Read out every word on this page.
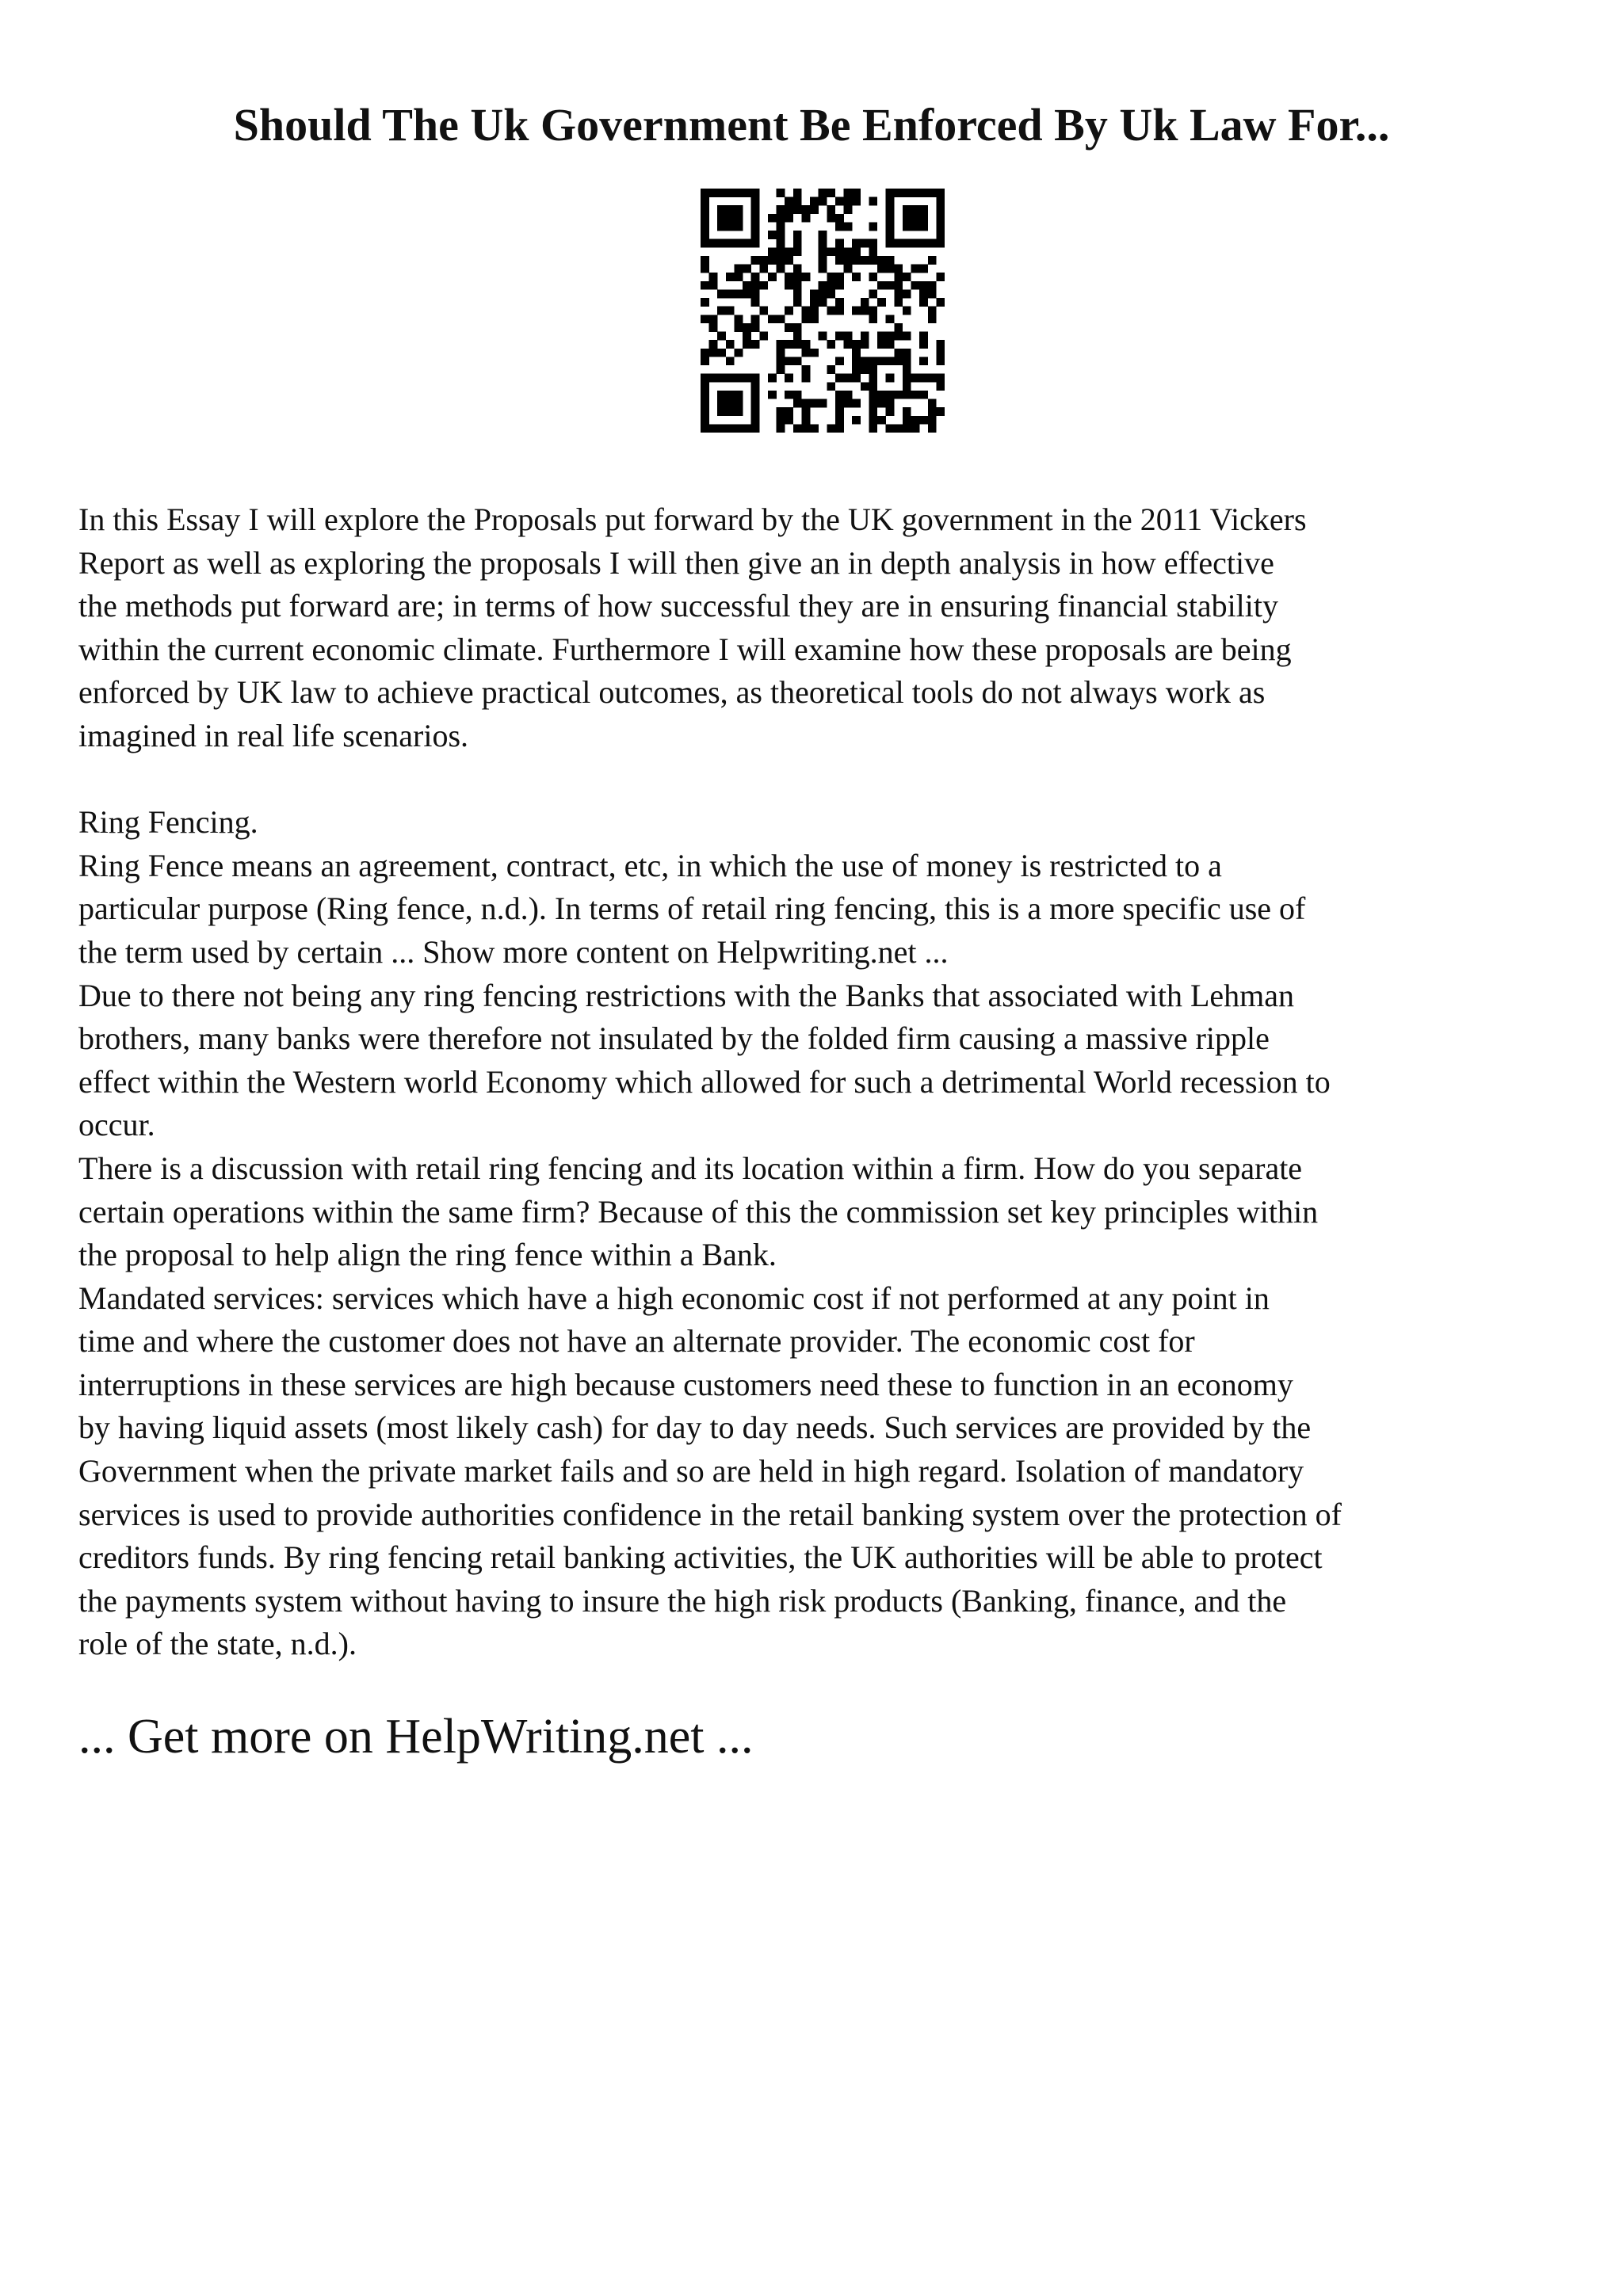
Should The Uk Government Be Enforced By Uk Law For...

In this Essay I will explore the Proposals put forward by the UK government in the 2011 Vickers
Report as well as exploring the proposals I will then give an in depth analysis in how effective
the methods put forward are; in terms of how successful they are in ensuring financial stability
within the current economic climate. Furthermore I will examine how these proposals are being
enforced by UK law to achieve practical outcomes, as theoretical tools do not always work as
imagined in real life scenarios.

Ring Fencing.
Ring Fence means an agreement, contract, etc, in which the use of money is restricted to a
particular purpose (Ring fence, n.d.). In terms of retail ring fencing, this is a more specific use of
the term used by certain ... Show more content on Helpwriting.net ...
Due to there not being any ring fencing restrictions with the Banks that associated with Lehman
brothers, many banks were therefore not insulated by the folded firm causing a massive ripple
effect within the Western world Economy which allowed for such a detrimental World recession to
occur.
There is a discussion with retail ring fencing and its location within a firm. How do you separate
certain operations within the same firm? Because of this the commission set key principles within
the proposal to help align the ring fence within a Bank.
Mandated services: services which have a high economic cost if not performed at any point in
time and where the customer does not have an alternate provider. The economic cost for
interruptions in these services are high because customers need these to function in an economy
by having liquid assets (most likely cash) for day to day needs. Such services are provided by the
Government when the private market fails and so are held in high regard. Isolation of mandatory
services is used to provide authorities confidence in the retail banking system over the protection of
creditors funds. By ring fencing retail banking activities, the UK authorities will be able to protect
the payments system without having to insure the high risk products (Banking, finance, and the
role of the state, n.d.).

... Get more on HelpWriting.net ...
